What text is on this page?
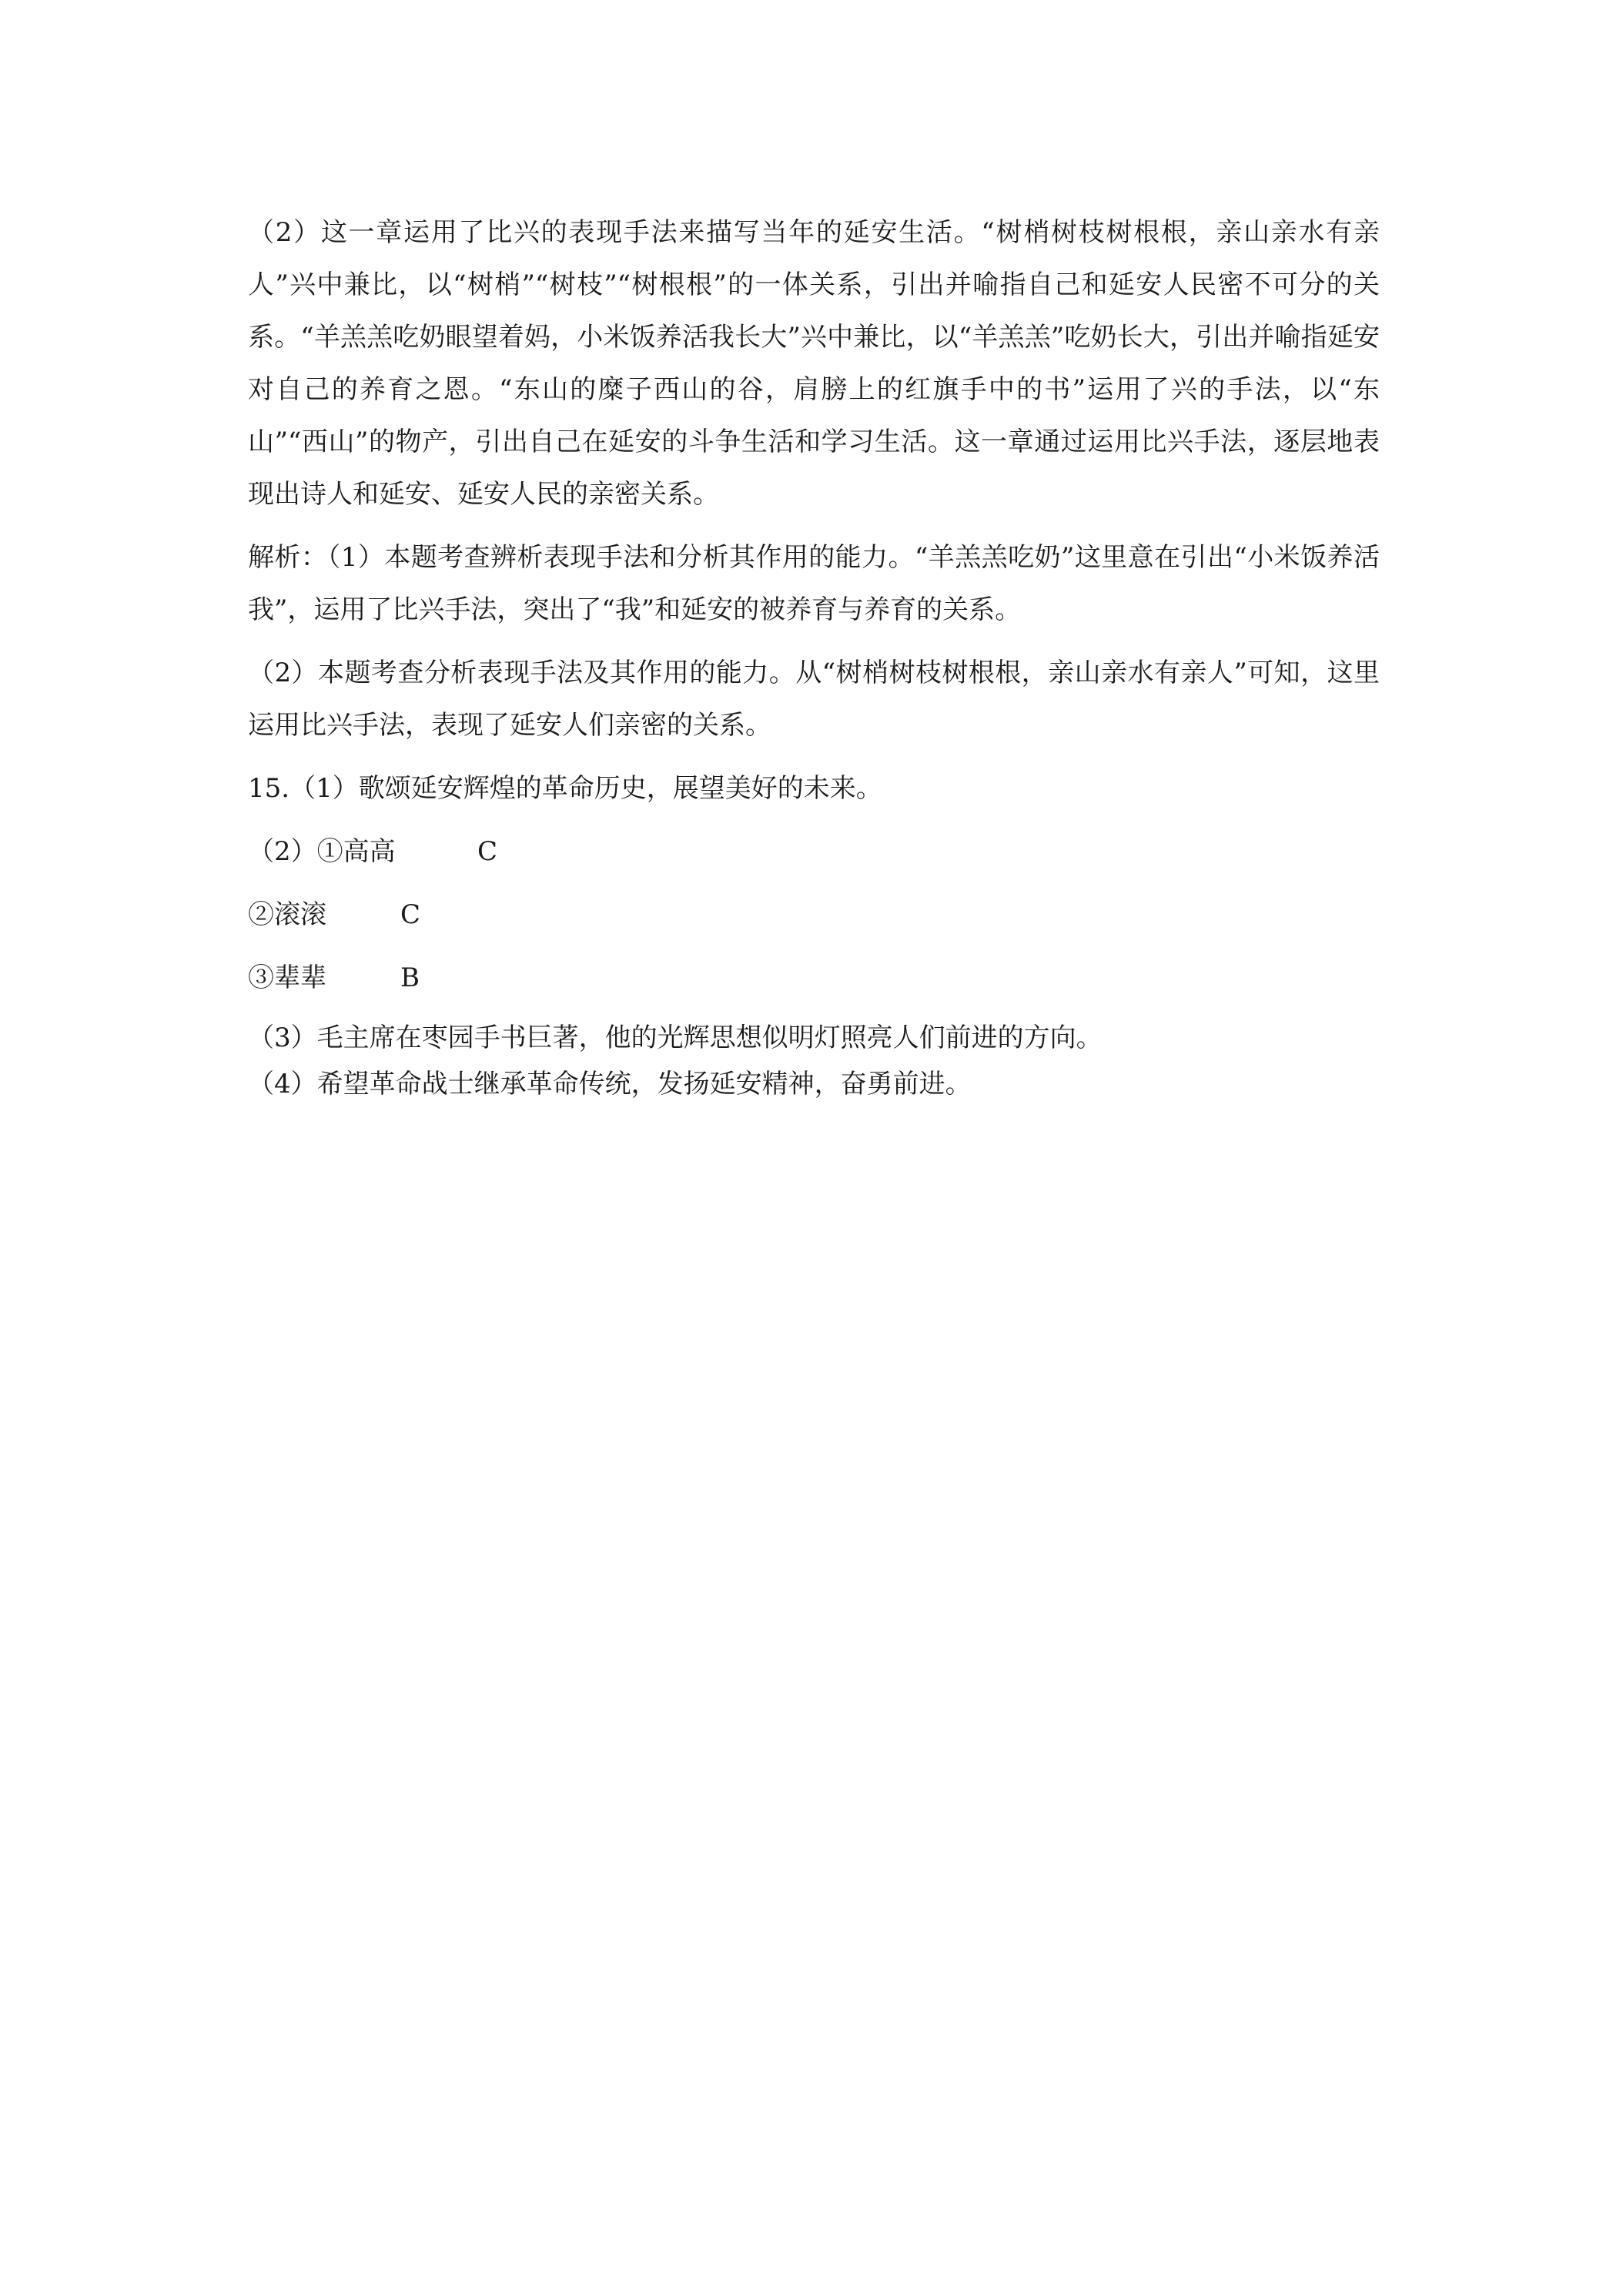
（2）这一章运用了比兴的表现手法来描写当年的延安生活。“树梢树枝树根根，亲山亲水有亲人”兴中兼比，以“树梢”“树枝”“树根根”的一体关系，引出并喻指自己和延安人民密不可分的关系。“羊羔羔吃奶眼望着妈，小米饭养活我长大”兴中兼比，以“羊羔羔”吃奶长大，引出并喻指延安对自己的养育之恩。“东山的糜子西山的谷，肩膀上的红旗手中的书”运用了兴的手法，以“东山”“西山”的物产，引出自己在延安的斗争生活和学习生活。这一章通过运用比兴手法，逐层地表现出诗人和延安、延安人民的亲密关系。

解析：（1）本题考查辨析表现手法和分析其作用的能力。“羊羔羔吃奶”这里意在引出“小米饭养活我”，运用了比兴手法，突出了“我”和延安的被养育与养育的关系。

（2）本题考查分析表现手法及其作用的能力。从“树梢树枝树根根，亲山亲水有亲人”可知，这里运用比兴手法，表现了延安人们亲密的关系。

15.（1）歌颂延安辉煌的革命历史，展望美好的未来。

（2）①高高	C
②滚滚	C
③辈辈	B

（3）毛主席在枣园手书巨著，他的光辉思想似明灯照亮人们前进的方向。

（4）希望革命战士继承革命传统，发扬延安精神，奋勇前进。
